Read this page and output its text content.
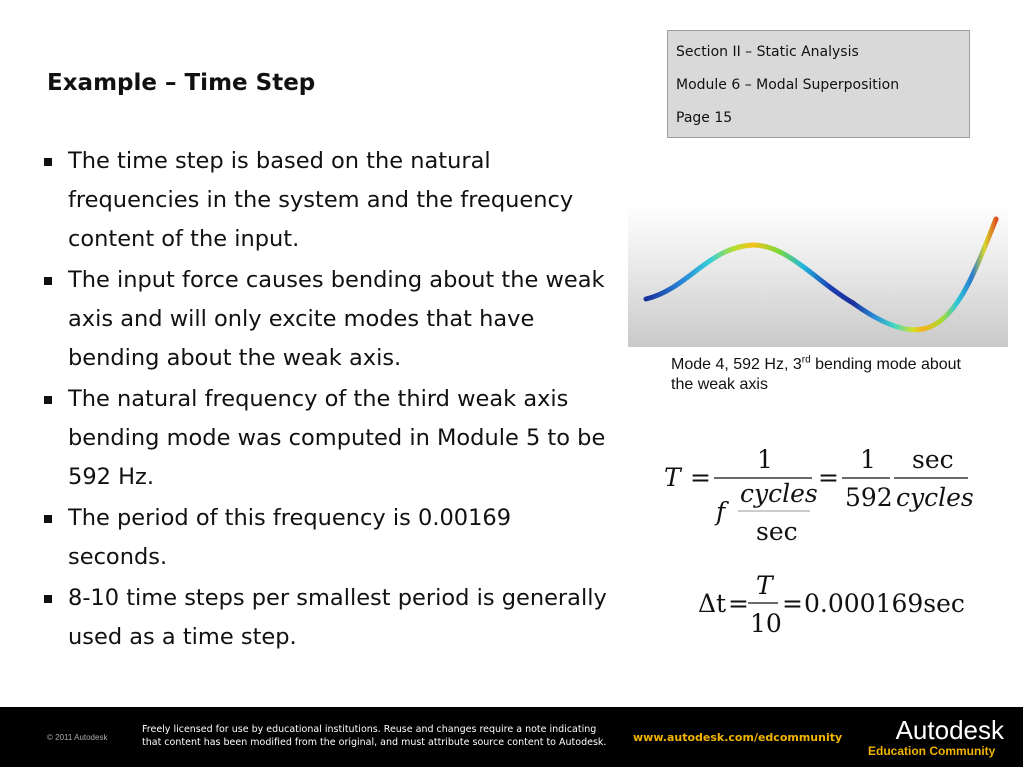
Example – Time Step
Section II – Static Analysis
Module 6 – Modal Superposition
Page 15
The time step is based on the natural frequencies in the system and the frequency content of the input.
The input force causes bending about the weak axis and will only excite modes that have bending about the weak axis.
The natural frequency of the third weak axis bending mode was computed in Module 5 to be 592 Hz.
The period of this frequency is 0.00169 seconds.
8-10 time steps per smallest period is generally used as a time step.
Mode 4, 592 Hz, 3rd bending mode about the weak axis
T =
1
f
cycles
sec
=
1
592
sec
cycles
Δt =
T
10
= 0.000169sec
© 2011 Autodesk
Freely licensed for use by educational institutions. Reuse and changes require a note indicating
that content has been modified from the original, and must attribute source content to Autodesk.	www.autodesk.com/edcommunity	Autodesk
Education Community
